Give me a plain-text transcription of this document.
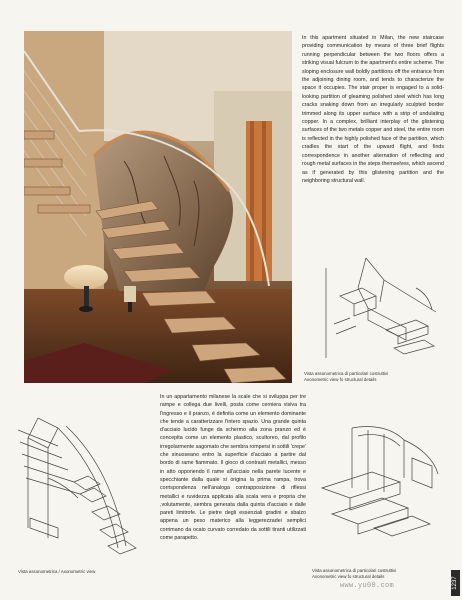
In this apartment situated in Milan, the new staircase providing communication by means of three brief flights running perpendicular between the two floors offers a striking visual fulcrum to the apartment's entire scheme. The sloping enclosure wall boldly partitions off the entrance from the adjoining dining room, and tends to characterize the space it occupies. The stair proper is engaged to a solid-looking partition of gleaming polished steel which has long cracks snaking down from an irregularly sculpted border trimmed along its upper surface with a strip of undulating copper. In a complex, brilliant interplay of the glistening surfaces of the two metals copper and steel, the entire room is reflected in the highly polished face of the partition, which cradles the start of the upward flight, and finds correspondence in another alternation of reflecting and rough metal surfaces in the steps themselves, which ascend as if generated by this glistening partition and the neighboring structural wall.

Vista assonometrica di particolari costruttivi
Axonometric view fo structural details

Vista assonometrica / Axonometric view

In un appartamento milanese la scale che si sviluppa per tre rampe e collega due livelli, posta come cerniera visiva tra l'ingresso e il pranzo, è definita come un elemento dominante che tende a caratterizzare l'intero spazio. Una grande quinta d'acciaio lucido funge da schermo alla zona pranzo ed è concepita come un elemento plastico, scultoreo, dal profilo irregolarmente sagomato che sembra rompersi in sottili 'crepe' che sinuoseano entro la superficie d'acciaio a partire dal bordo di rame fiammato. Il gioco di contrasti metallici, messo in atto opponendo il rame all'acciaio nella parete lucente e specchiante dalla quale si origina la prima rampa, trova corrispondenza nell'analoga contrapposizione di riflessi metallici e ruvidezza applicata alla scala vera e propria che ,volutamente, sembra generata dalla quinta d'acciaio e dalle pareti limitrofe. Le pietre degli essenziali gradini e sbalzo appena un peso materico alla leggerezzadei semplici corrimano da ocaio curvato corredato da sottili tiranti utilizzati come parapetto.

Vista assonometrica di particolari costruttivi
Axonometric view fo structural details

www.yu00.com	1237
